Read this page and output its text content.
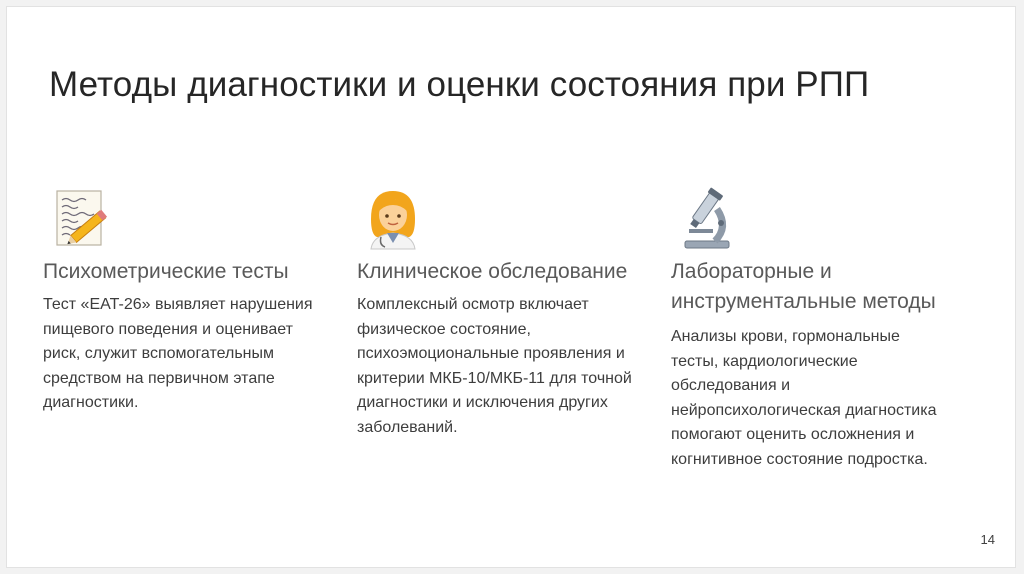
Методы диагностики и оценки состояния при РПП
Психометрические тесты
Тест «EAT-26» выявляет нарушения пищевого поведения и оценивает риск, служит вспомогательным средством на первичном этапе диагностики.
Клиническое обследование
Комплексный осмотр включает физическое состояние, психоэмоциональные проявления и критерии МКБ-10/МКБ-11 для точной диагностики и исключения других заболеваний.
Лабораторные и инструментальные методы
Анализы крови, гормональные тесты, кардиологические обследования и нейропсихологическая диагностика помогают оценить осложнения и когнитивное состояние подростка.
14
